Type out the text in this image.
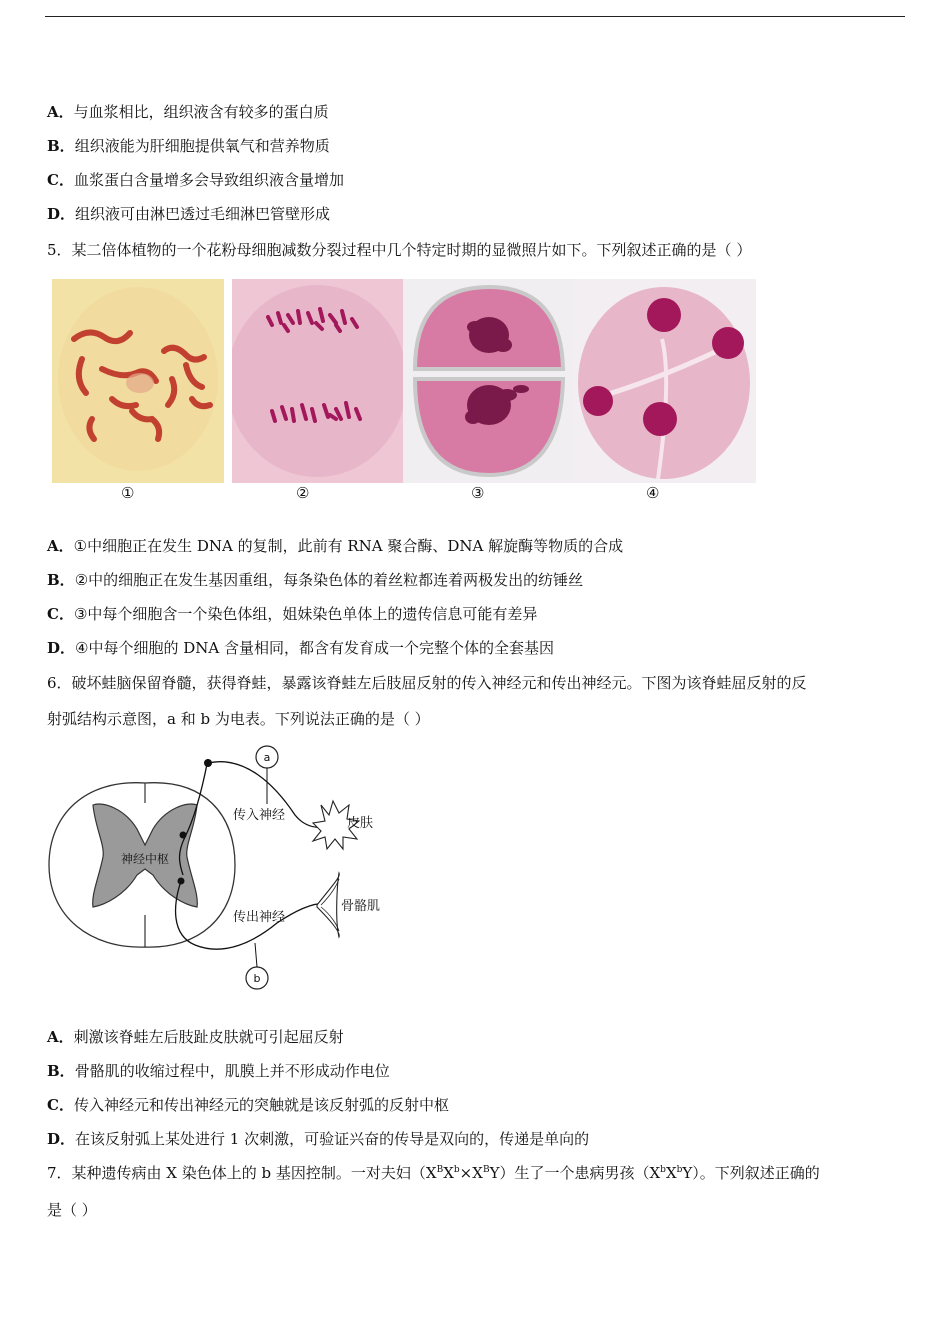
A．与血浆相比，组织液含有较多的蛋白质
B．组织液能为肝细胞提供氧气和营养物质
C．血浆蛋白含量增多会导致组织液含量增加
D．组织液可由淋巴透过毛细淋巴管壁形成
5．某二倍体植物的一个花粉母细胞减数分裂过程中几个特定时期的显微照片如下。下列叙述正确的是（ ）
①	②	③	④
A．①中细胞正在发生 DNA 的复制，此前有 RNA 聚合酶、DNA 解旋酶等物质的合成
B．②中的细胞正在发生基因重组，每条染色体的着丝粒都连着两极发出的纺锤丝
C．③中每个细胞含一个染色体组，姐妹染色单体上的遗传信息可能有差异
D．④中每个细胞的 DNA 含量相同，都含有发育成一个完整个体的全套基因
6．破坏蛙脑保留脊髓，获得脊蛙，暴露该脊蛙左后肢屈反射的传入神经元和传出神经元。下图为该脊蛙屈反射的反
射弧结构示意图，a 和 b 为电表。下列说法正确的是（ ）
神经中枢
a
b
传入神经
传出神经
皮肤
骨骼肌
A．刺激该脊蛙左后肢趾皮肤就可引起屈反射
B．骨骼肌的收缩过程中，肌膜上并不形成动作电位
C．传入神经元和传出神经元的突触就是该反射弧的反射中枢
D．在该反射弧上某处进行 1 次刺激，可验证兴奋的传导是双向的，传递是单向的
7．某种遗传病由 X 染色体上的 b 基因控制。一对夫妇$(X^BX^b\times X^BY)$生了一个患病男孩$(X^bX^bY)$。下列叙述正确的
是（ ）
